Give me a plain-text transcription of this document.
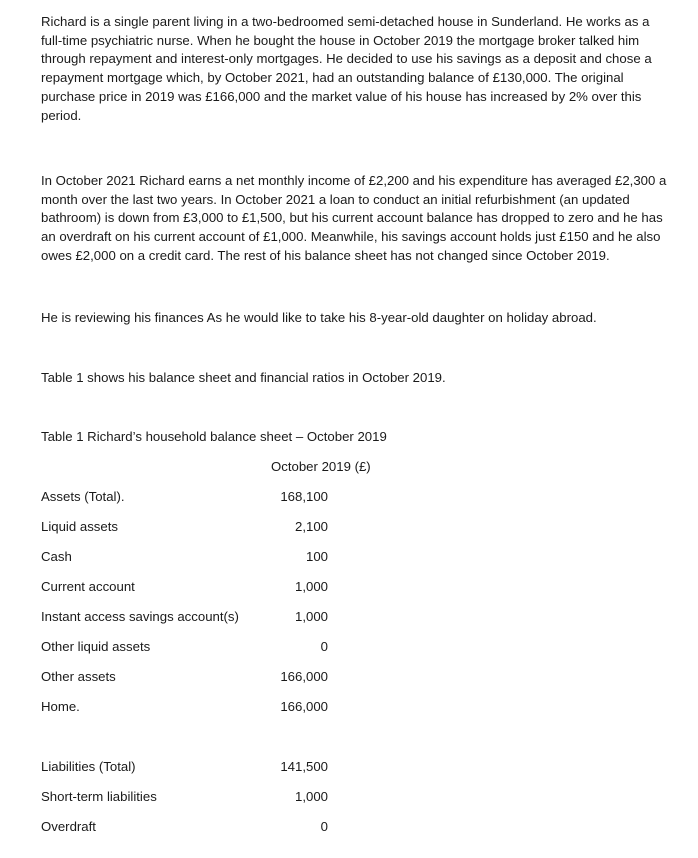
Richard is a single parent living in a two-bedroomed semi-detached house in Sunderland. He works as a full-time psychiatric nurse. When he bought the house in October 2019 the mortgage broker talked him through repayment and interest-only mortgages. He decided to use his savings as a deposit and chose a repayment mortgage which, by October 2021, had an outstanding balance of £130,000. The original purchase price in 2019 was £166,000 and the market value of his house has increased by 2% over this period.

In October 2021 Richard earns a net monthly income of £2,200 and his expenditure has averaged £2,300 a month over the last two years. In October 2021 a loan to conduct an initial refurbishment (an updated bathroom) is down from £3,000 to £1,500, but his current account balance has dropped to zero and he has an overdraft on his current account of £1,000. Meanwhile, his savings account holds just £150 and he also owes £2,000 on a credit card. The rest of his balance sheet has not changed since October 2019.

He is reviewing his finances As he would like to take his 8-year-old daughter on holiday abroad.

Table 1 shows his balance sheet and financial ratios in October 2019.

Table 1 Richard’s household balance sheet – October 2019

October 2019 (£)

Assets (Total).	168,100
Liquid assets	2,100
Cash	100
Current account	1,000
Instant access savings account(s)	1,000
Other liquid assets	0
Other assets	166,000
Home.	166,000
Liabilities (Total)	141,500
Short-term liabilities	1,000
Overdraft	0
